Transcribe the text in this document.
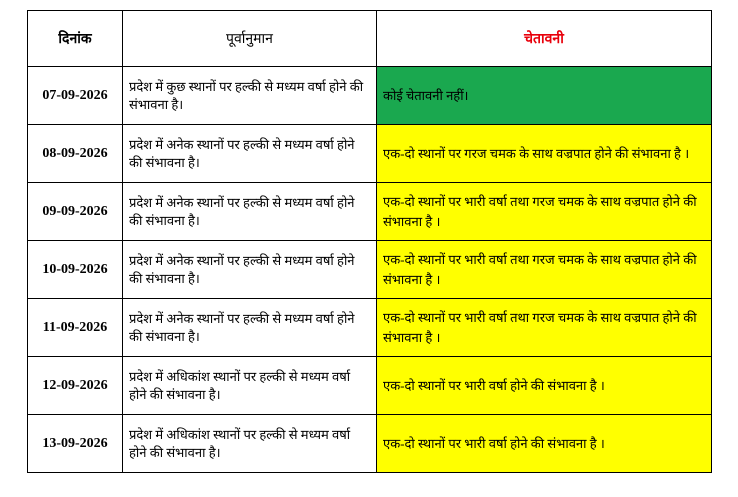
दिनांक	पूर्वानुमान	चेतावनी
07-09-2026	प्रदेश में कुछ स्थानों पर हल्की से मध्यम वर्षा होने की संभावना है।	कोई चेतावनी नहीं।
08-09-2026	प्रदेश में अनेक स्थानों पर हल्की से मध्यम वर्षा होने की संभावना है।	एक-दो स्थानों पर गरज चमक के साथ वज्रपात होने की संभावना है ।
09-09-2026	प्रदेश में अनेक स्थानों पर हल्की से मध्यम वर्षा होने की संभावना है।	एक-दो स्थानों पर भारी वर्षा तथा गरज चमक के साथ वज्रपात होने की संभावना है ।
10-09-2026	प्रदेश में अनेक स्थानों पर हल्की से मध्यम वर्षा होने की संभावना है।	एक-दो स्थानों पर भारी वर्षा तथा गरज चमक के साथ वज्रपात होने की संभावना है ।
11-09-2026	प्रदेश में अनेक स्थानों पर हल्की से मध्यम वर्षा होने की संभावना है।	एक-दो स्थानों पर भारी वर्षा तथा गरज चमक के साथ वज्रपात होने की संभावना है ।
12-09-2026	प्रदेश में अधिकांश स्थानों पर हल्की से मध्यम वर्षा होने की संभावना है।	एक-दो स्थानों पर भारी वर्षा होने की संभावना है ।
13-09-2026	प्रदेश में अधिकांश स्थानों पर हल्की से मध्यम वर्षा होने की संभावना है।	एक-दो स्थानों पर भारी वर्षा होने की संभावना है ।
